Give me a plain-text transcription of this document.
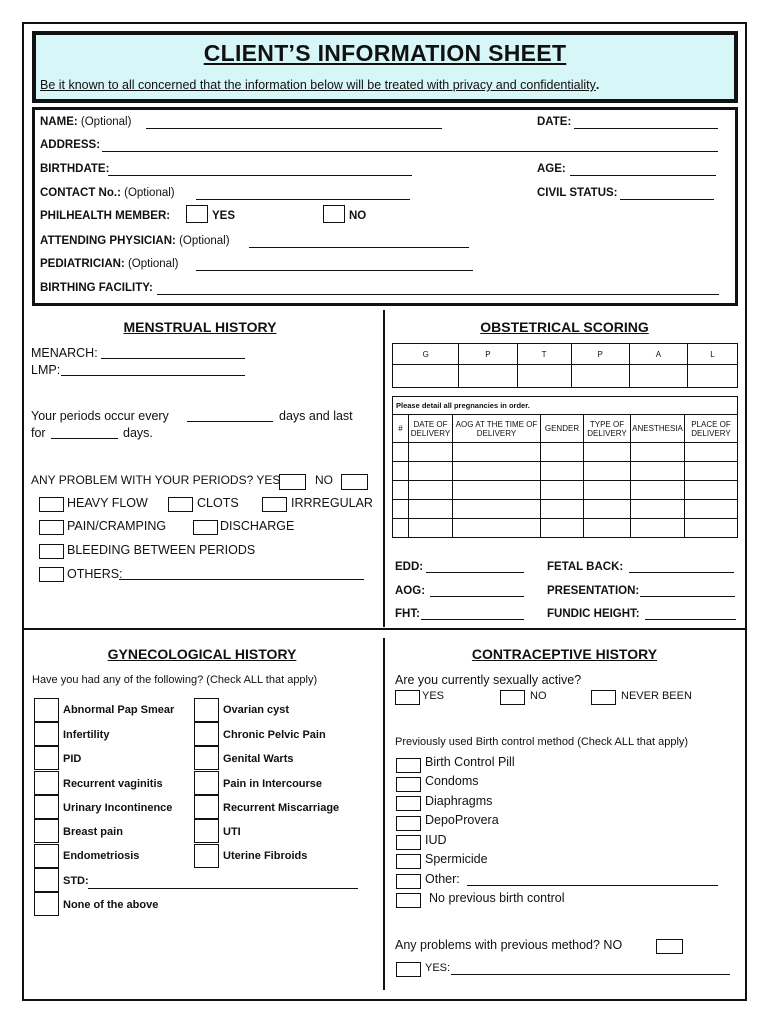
CLIENT’S INFORMATION SHEET
Be it known to all concerned that the information below will be treated with privacy and confidentiality.
NAME: (Optional)	DATE:
ADDRESS:
BIRTHDATE:	AGE:
CONTACT No.: (Optional)	CIVIL STATUS:
PHILHEALTH MEMBER:	YES	NO
ATTENDING PHYSICIAN: (Optional)
PEDIATRICIAN: (Optional)
BIRTHING FACILITY:
MENSTRUAL HISTORY
MENARCH:
LMP:
Your periods occur every	days and last
for	days.
ANY PROBLEM WITH YOUR PERIODS? YES	NO
HEAVY FLOW	CLOTS	IRRREGULAR
PAIN/CRAMPING	DISCHARGE
BLEEDING BETWEEN PERIODS
OTHERS:
OBSTETRICAL SCORING
G	P	T	P	A	L

Please detail all pregnancies in order.						
#	DATE OF DELIVERY	AOG AT THE TIME OF DELIVERY	GENDER	TYPE OF DELIVERY	ANESTHESIA	PLACE OF DELIVERY

EDD:
AOG:
FHT:
FETAL BACK:
PRESENTATION:
FUNDIC HEIGHT:
GYNECOLOGICAL HISTORY
Have you had any of the following? (Check ALL that apply)
Abnormal Pap Smear
Infertility
PID
Recurrent vaginitis
Urinary Incontinence
Breast pain
Endometriosis
STD:
None of the above
Ovarian cyst
Chronic Pelvic Pain
Genital Warts
Pain in Intercourse
Recurrent Miscarriage
UTI
Uterine Fibroids
CONTRACEPTIVE HISTORY
Are you currently sexually active?
YES	NO	NEVER BEEN
Previously used Birth control method (Check ALL that apply)
Birth Control Pill
Condoms
Diaphragms
DepoProvera
IUD
Spermicide
Other:
No previous birth control
Any problems with previous method? NO
YES:
